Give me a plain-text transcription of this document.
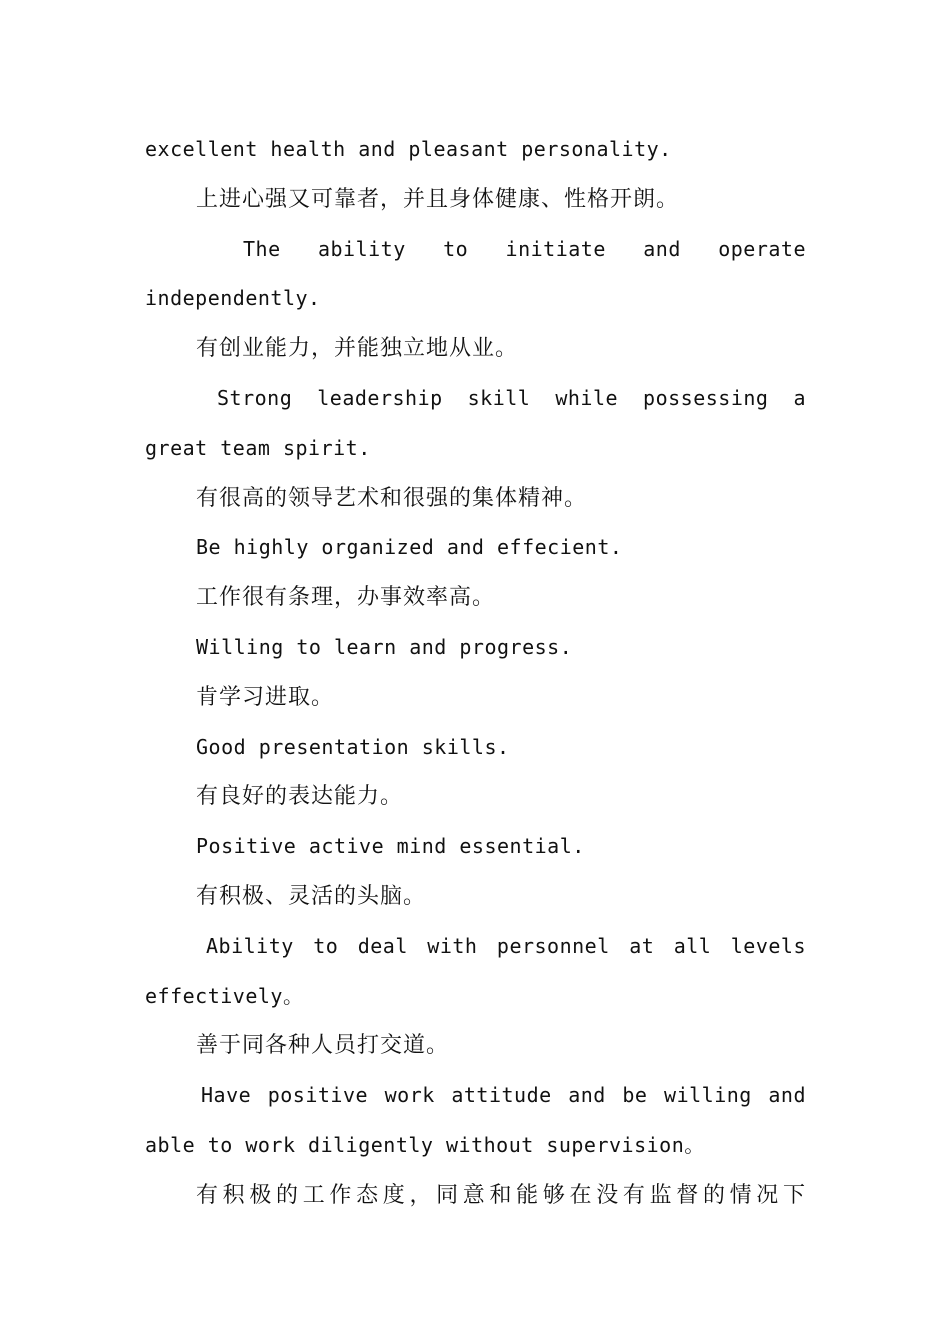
excellent health and pleasant personality.
上进心强又可靠者，并且身体健康、性格开朗。
The ability to initiate and operate
independently.
有创业能力，并能独立地从业。
Strong leadership skill while possessing a
great team spirit.
有很高的领导艺术和很强的集体精神。
Be highly organized and effecient.
工作很有条理，办事效率高。
Willing to learn and progress.
肯学习进取。
Good presentation skills.
有良好的表达能力。
Positive active mind essential.
有积极、灵活的头脑。
Ability to deal with personnel at all levels
effectively。
善于同各种人员打交道。
Have positive work attitude and be willing and
able to work diligently without supervision。
有积极的工作态度，同意和能够在没有监督的情况下
